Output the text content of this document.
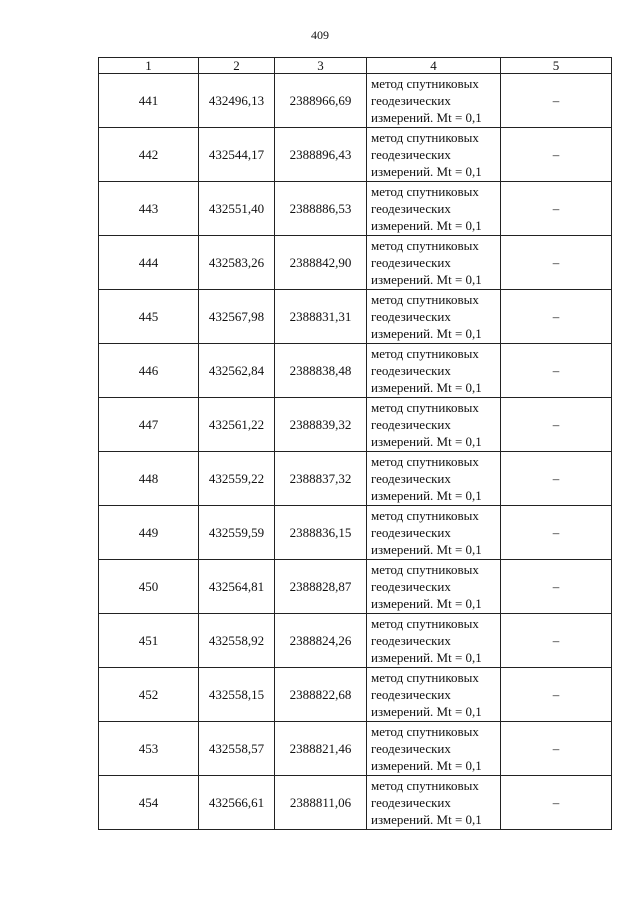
409
1	2	3	4	5
441	432496,13	2388966,69	метод спутниковых
геодезических
измерений. Mt = 0,1	–
442	432544,17	2388896,43	метод спутниковых
геодезических
измерений. Mt = 0,1	–
443	432551,40	2388886,53	метод спутниковых
геодезических
измерений. Mt = 0,1	–
444	432583,26	2388842,90	метод спутниковых
геодезических
измерений. Mt = 0,1	–
445	432567,98	2388831,31	метод спутниковых
геодезических
измерений. Mt = 0,1	–
446	432562,84	2388838,48	метод спутниковых
геодезических
измерений. Mt = 0,1	–
447	432561,22	2388839,32	метод спутниковых
геодезических
измерений. Mt = 0,1	–
448	432559,22	2388837,32	метод спутниковых
геодезических
измерений. Mt = 0,1	–
449	432559,59	2388836,15	метод спутниковых
геодезических
измерений. Mt = 0,1	–
450	432564,81	2388828,87	метод спутниковых
геодезических
измерений. Mt = 0,1	–
451	432558,92	2388824,26	метод спутниковых
геодезических
измерений. Mt = 0,1	–
452	432558,15	2388822,68	метод спутниковых
геодезических
измерений. Mt = 0,1	–
453	432558,57	2388821,46	метод спутниковых
геодезических
измерений. Mt = 0,1	–
454	432566,61	2388811,06	метод спутниковых
геодезических
измерений. Mt = 0,1	–
